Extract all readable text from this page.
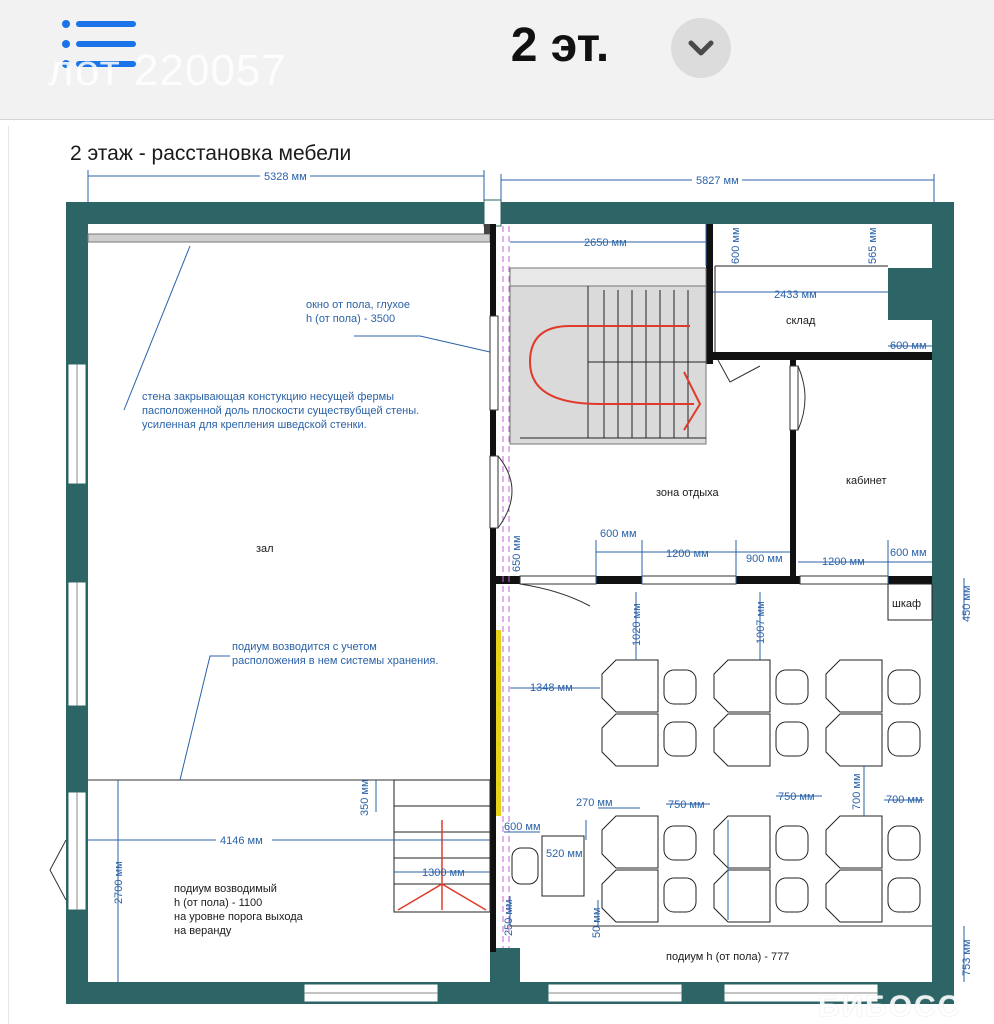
лот 220057	2 эт.
2 этаж - расстановка мебели
5328 мм	5827 мм
2650 мм	600 мм	565 мм
2433 мм
600 мм
650 мм
600 мм
1200 мм	900 мм	1200 мм
600 мм
450 мм
1020 мм	1007 мм
1348 мм
350 мм	270 мм	750 мм
750 мм	700 мм 700 мм
4146 мм
600 мм
520 мм
1300 мм
2700 мм
50 мм
250 мм
753 мм
окно от пола, глухое
h (от пола) - 3500
стена закрывающая констукцию несущей фермы
пасположенной доль плоскости существубщей стены.
усиленная для крепления шведской стенки.
подиум возводится с учетом
расположения в нем системы хранения.
зал
склад
зона отдыха
кабинет
шкаф
подиум возводимый
h (от пола) - 1100
на уровне порога выхода
на веранду
подиум h (от пола) - 777
БИБОСС
